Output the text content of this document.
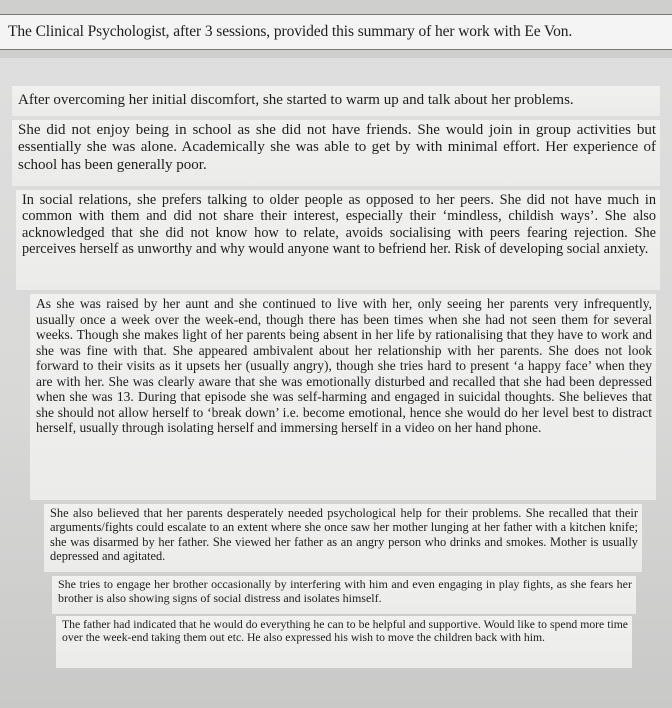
The Clinical Psychologist, after 3 sessions, provided this summary of her work with Ee Von.
After overcoming her initial discomfort, she started to warm up and talk about her problems.
She did not enjoy being in school as she did not have friends. She would join in group activities but essentially she was alone. Academically she was able to get by with minimal effort. Her experience of school has been generally poor.
In social relations, she prefers talking to older people as opposed to her peers. She did not have much in common with them and did not share their interest, especially their ‘mindless, childish ways’. She also acknowledged that she did not know how to relate, avoids socialising with peers fearing rejection. She perceives herself as unworthy and why would anyone want to befriend her. Risk of developing social anxiety.
As she was raised by her aunt and she continued to live with her, only seeing her parents very infrequently, usually once a week over the week-end, though there has been times when she had not seen them for several weeks. Though she makes light of her parents being absent in her life by rationalising that they have to work and she was fine with that. She appeared ambivalent about her relationship with her parents. She does not look forward to their visits as it upsets her (usually angry), though she tries hard to present ‘a happy face’ when they are with her. She was clearly aware that she was emotionally disturbed and recalled that she had been depressed when she was 13. During that episode she was self-harming and engaged in suicidal thoughts. She believes that she should not allow herself to ‘break down’ i.e. become emotional, hence she would do her level best to distract herself, usually through isolating herself and immersing herself in a video on her hand phone.
She also believed that her parents desperately needed psychological help for their problems. She recalled that their arguments/fights could escalate to an extent where she once saw her mother lunging at her father with a kitchen knife; she was disarmed by her father. She viewed her father as an angry person who drinks and smokes. Mother is usually depressed and agitated.
She tries to engage her brother occasionally by interfering with him and even engaging in play fights, as she fears her brother is also showing signs of social distress and isolates himself.
The father had indicated that he would do everything he can to be helpful and supportive. Would like to spend more time over the week-end taking them out etc. He also expressed his wish to move the children back with him.
